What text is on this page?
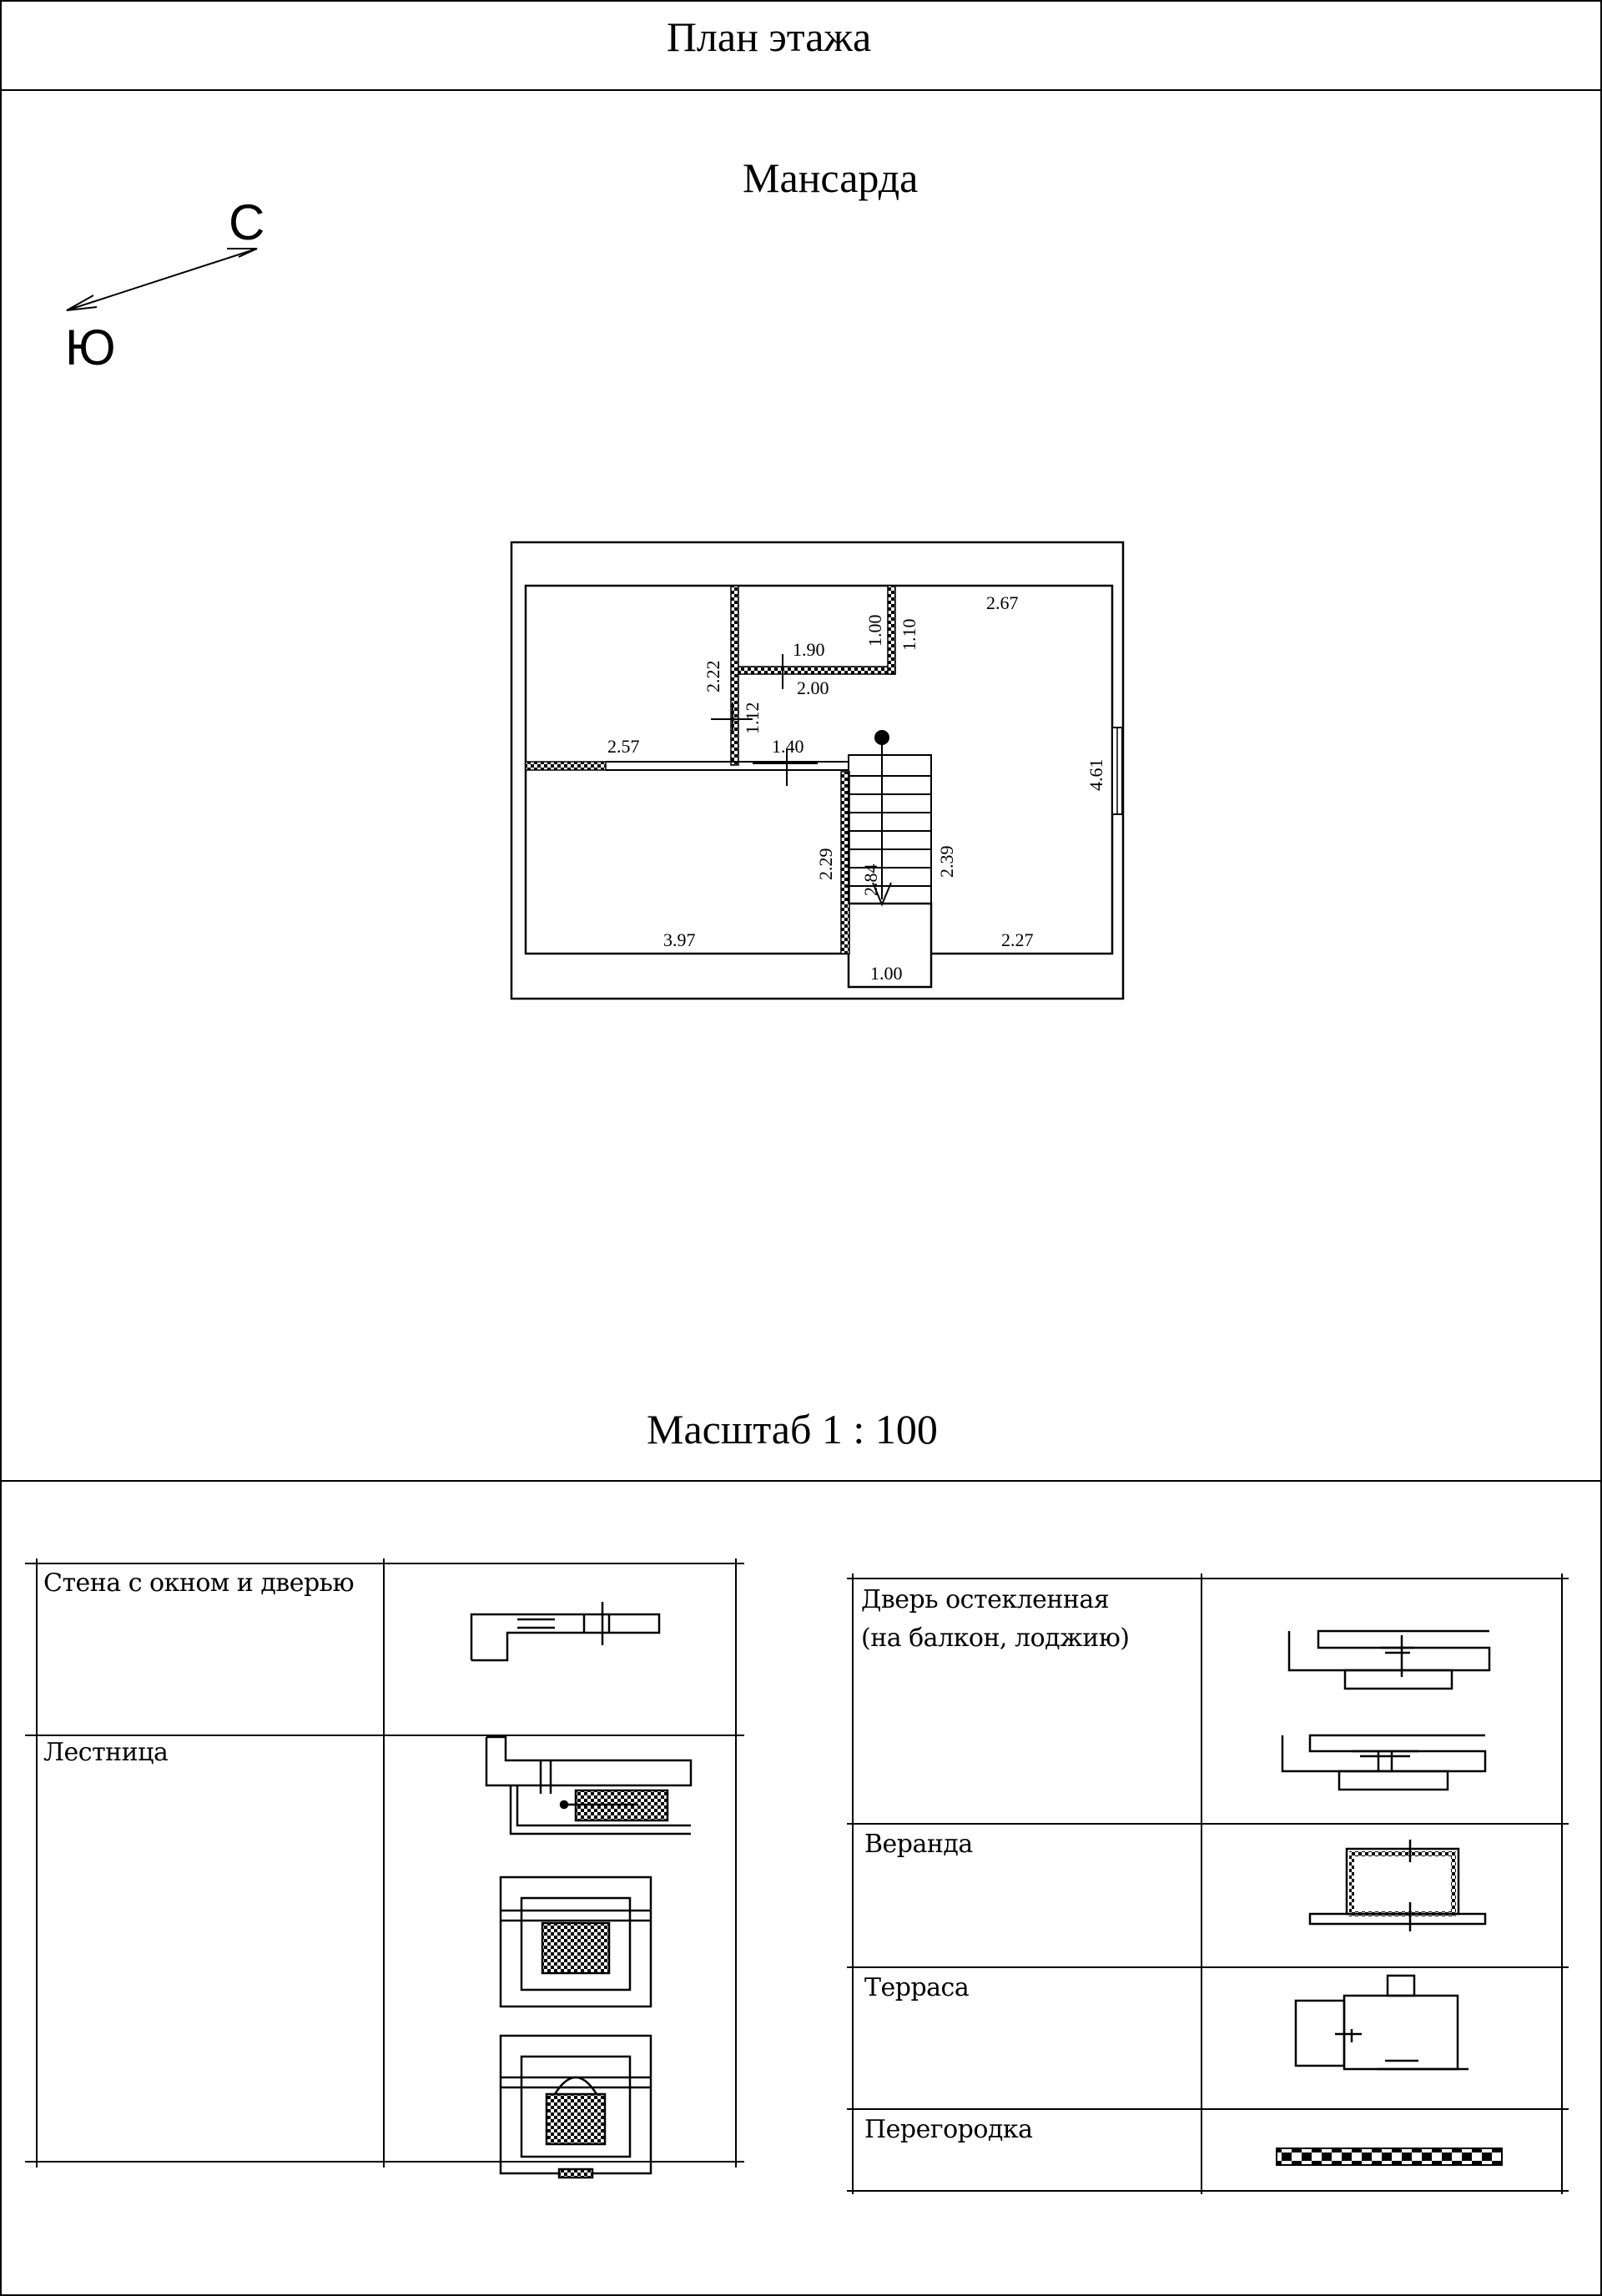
2.67
1.90
2.00
2.57	1.40
3.97	2.27
1.00
1.00 1.10
2.22
1.12
4.61
2.29 2.84
2.39
План этажа
Мансарда
С
Ю
Масштаб 1 : 100
Стена с окном и дверью
Лестница
Дверь остекленная
(на балкон, лоджию)
Веранда
Терраса
Перегородка
